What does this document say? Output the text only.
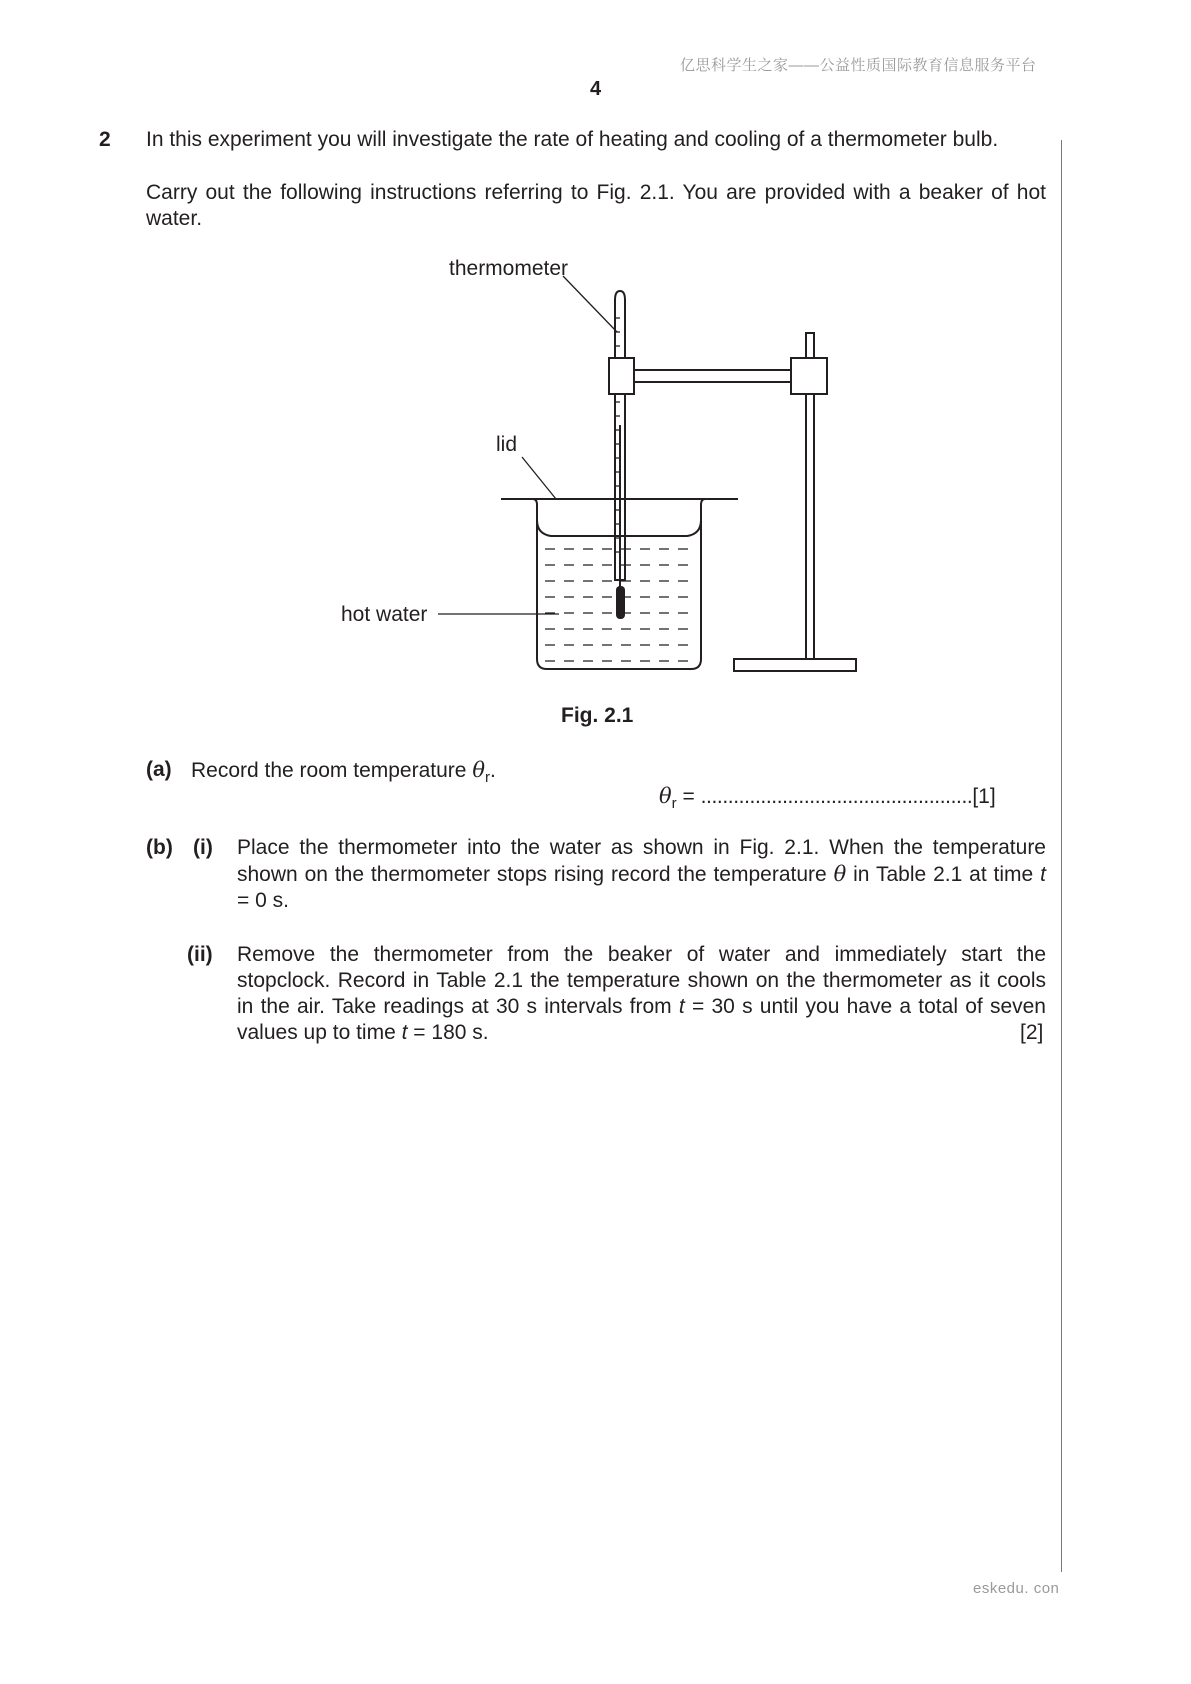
亿思科学生之家——公益性质国际教育信息服务平台
4
2 In this experiment you will investigate the rate of heating and cooling of a thermometer bulb.
Carry out the following instructions referring to Fig. 2.1. You are provided with a beaker of hot water.
thermometer
lid
hot water
Fig. 2.1
(a) Record the room temperature $\theta_r$.
$\theta_r = ..................................................[1]$
(b) (i) Place the thermometer into the water as shown in Fig. 2.1. When the temperature shown on the thermometer stops rising record the temperature θ in Table 2.1 at time t = 0 s.
(ii) Remove the thermometer from the beaker of water and immediately start the stopclock. Record in Table 2.1 the temperature shown on the thermometer as it cools in the air. Take readings at 30 s intervals from t = 30 s until you have a total of seven values up to time t = 180 s.	[2]
eskedu. con
